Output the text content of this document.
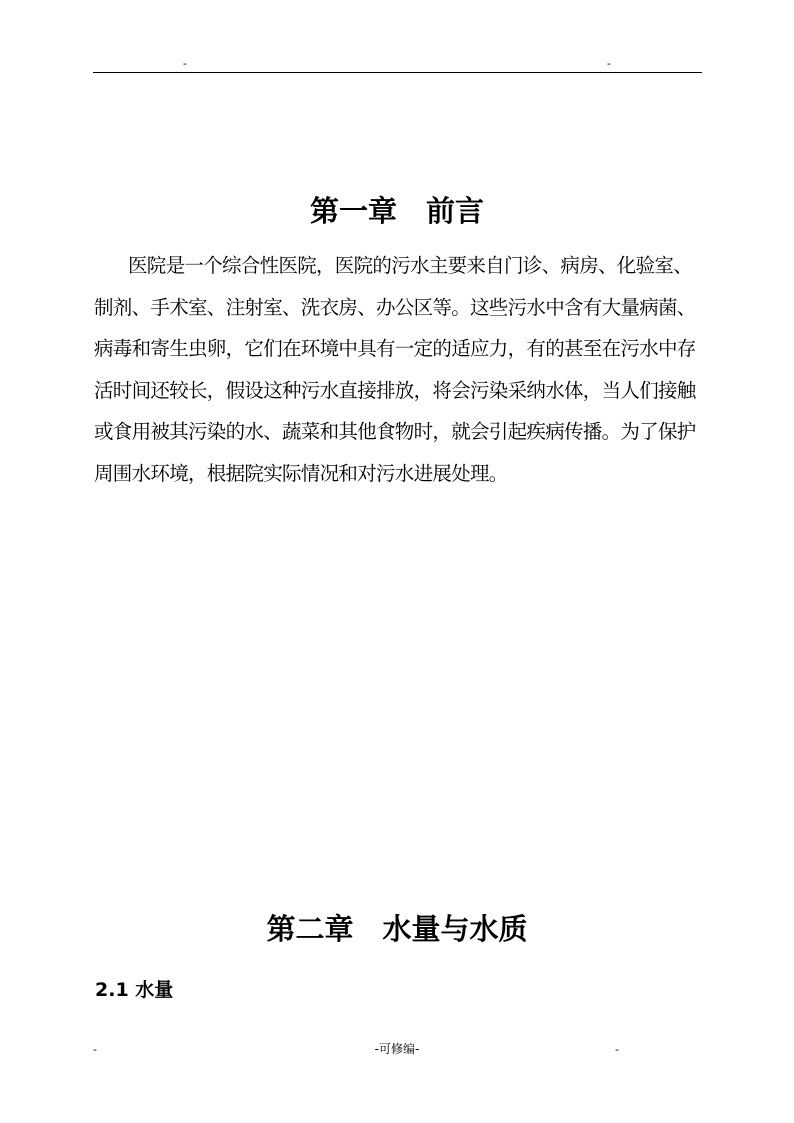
-	-
第一章　前言

医院是一个综合性医院，医院的污水主要来自门诊、病房、化验室、制剂、手术室、注射室、洗衣房、办公区等。这些污水中含有大量病菌、病毒和寄生虫卵，它们在环境中具有一定的适应力，有的甚至在污水中存活时间还较长，假设这种污水直接排放，将会污染采纳水体，当人们接触或食用被其污染的水、蔬菜和其他食物时，就会引起疾病传播。为了保护周围水环境，根据院实际情况和对污水进展处理。

第二章　水量与水质
2.1 水量
-	-可修编-	-
